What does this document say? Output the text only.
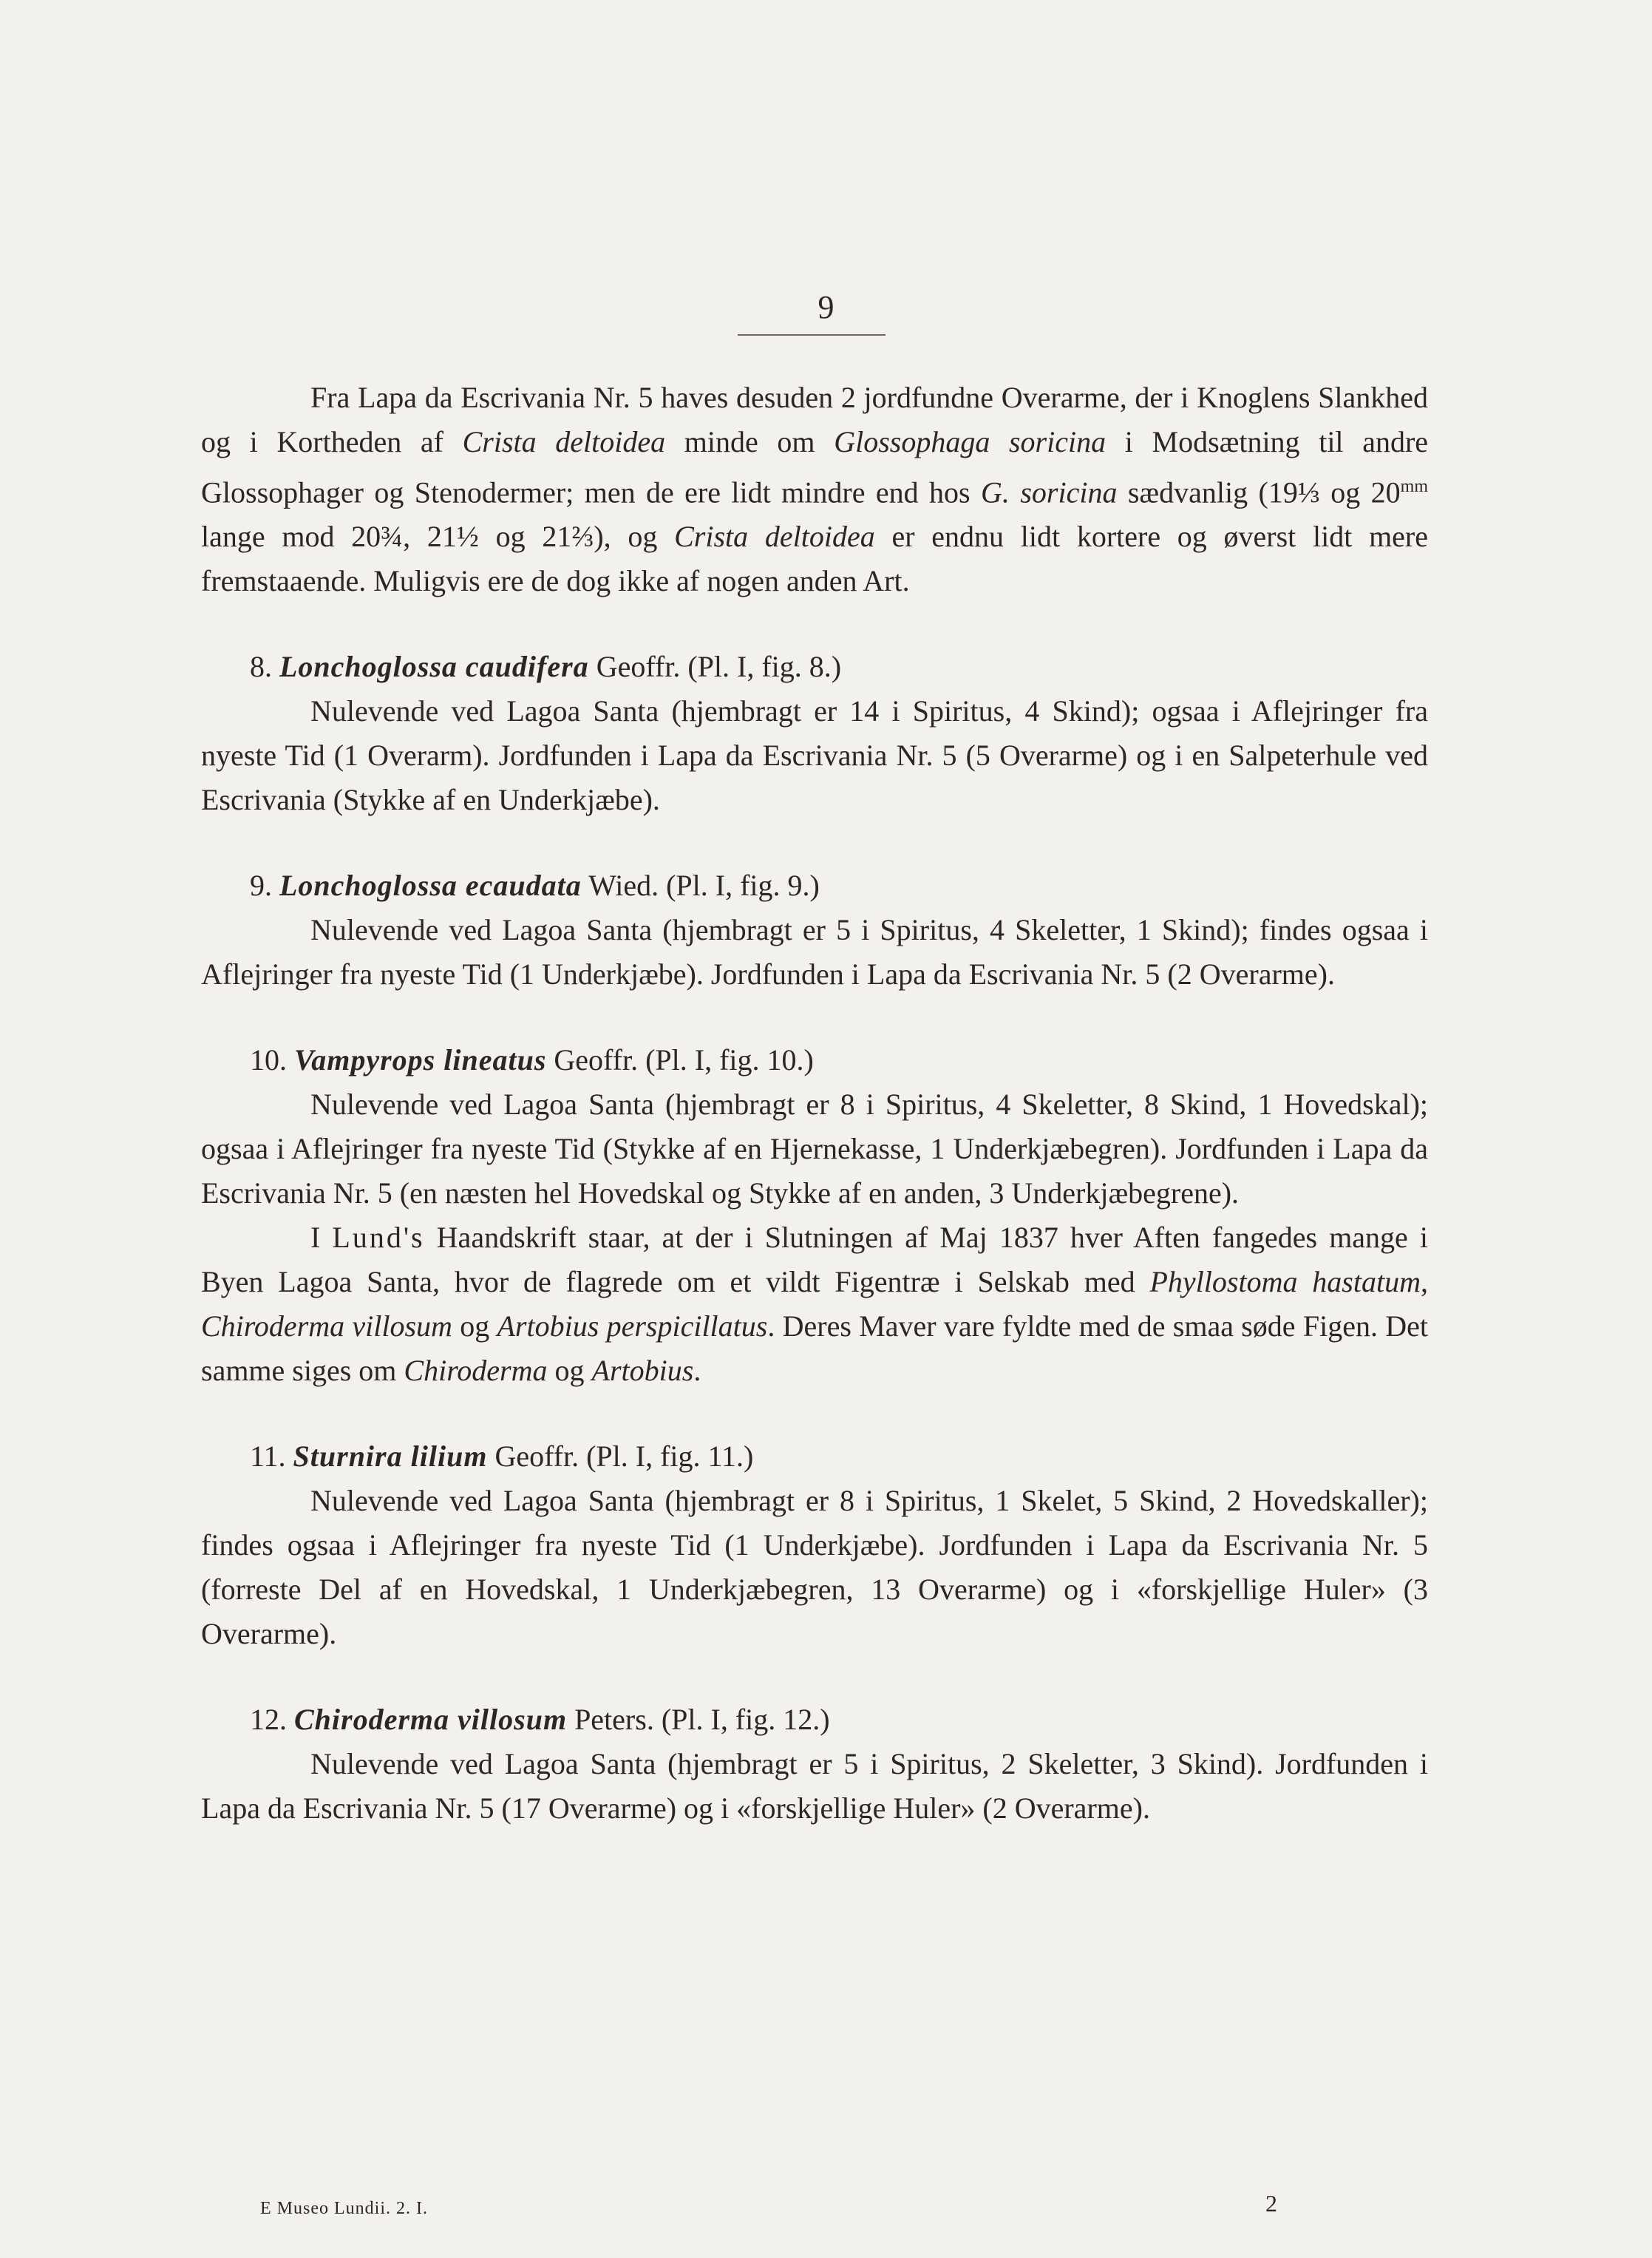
9

Fra Lapa da Escrivania Nr. 5 haves desuden 2 jordfundne Overarme, der i Knoglens Slankhed og i Kortheden af Crista deltoidea minde om Glossophaga soricina i Modsætning til andre Glossophager og Stenodermer; men de ere lidt mindre end hos G. soricina sædvanlig (19⅓ og $20^{mm}$ lange mod 20¾, 21½ og 21⅔), og Crista deltoidea er endnu lidt kortere og øverst lidt mere fremstaaende. Muligvis ere de dog ikke af nogen anden Art.

8. Lonchoglossa caudifera Geoffr. (Pl. I, fig. 8.)

Nulevende ved Lagoa Santa (hjembragt er 14 i Spiritus, 4 Skind); ogsaa i Aflejringer fra nyeste Tid (1 Overarm). Jordfunden i Lapa da Escrivania Nr. 5 (5 Overarme) og i en Salpeterhule ved Escrivania (Stykke af en Underkjæbe).

9. Lonchoglossa ecaudata Wied. (Pl. I, fig. 9.)

Nulevende ved Lagoa Santa (hjembragt er 5 i Spiritus, 4 Skeletter, 1 Skind); findes ogsaa i Aflejringer fra nyeste Tid (1 Underkjæbe). Jordfunden i Lapa da Escrivania Nr. 5 (2 Overarme).

10. Vampyrops lineatus Geoffr. (Pl. I, fig. 10.)

Nulevende ved Lagoa Santa (hjembragt er 8 i Spiritus, 4 Skeletter, 8 Skind, 1 Hovedskal); ogsaa i Aflejringer fra nyeste Tid (Stykke af en Hjernekasse, 1 Underkjæbegren). Jordfunden i Lapa da Escrivania Nr. 5 (en næsten hel Hovedskal og Stykke af en anden, 3 Underkjæbegrene).

I Lund's Haandskrift staar, at der i Slutningen af Maj 1837 hver Aften fangedes mange i Byen Lagoa Santa, hvor de flagrede om et vildt Figentræ i Selskab med Phyllostoma hastatum, Chiroderma villosum og Artobius perspicillatus. Deres Maver vare fyldte med de smaa søde Figen. Det samme siges om Chiroderma og Artobius.

11. Sturnira lilium Geoffr. (Pl. I, fig. 11.)

Nulevende ved Lagoa Santa (hjembragt er 8 i Spiritus, 1 Skelet, 5 Skind, 2 Hovedskaller); findes ogsaa i Aflejringer fra nyeste Tid (1 Underkjæbe). Jordfunden i Lapa da Escrivania Nr. 5 (forreste Del af en Hovedskal, 1 Underkjæbegren, 13 Overarme) og i «forskjellige Huler» (3 Overarme).

12. Chiroderma villosum Peters. (Pl. I, fig. 12.)

Nulevende ved Lagoa Santa (hjembragt er 5 i Spiritus, 2 Skeletter, 3 Skind). Jordfunden i Lapa da Escrivania Nr. 5 (17 Overarme) og i «forskjellige Huler» (2 Overarme).

E Museo Lundii. 2. I.	2
